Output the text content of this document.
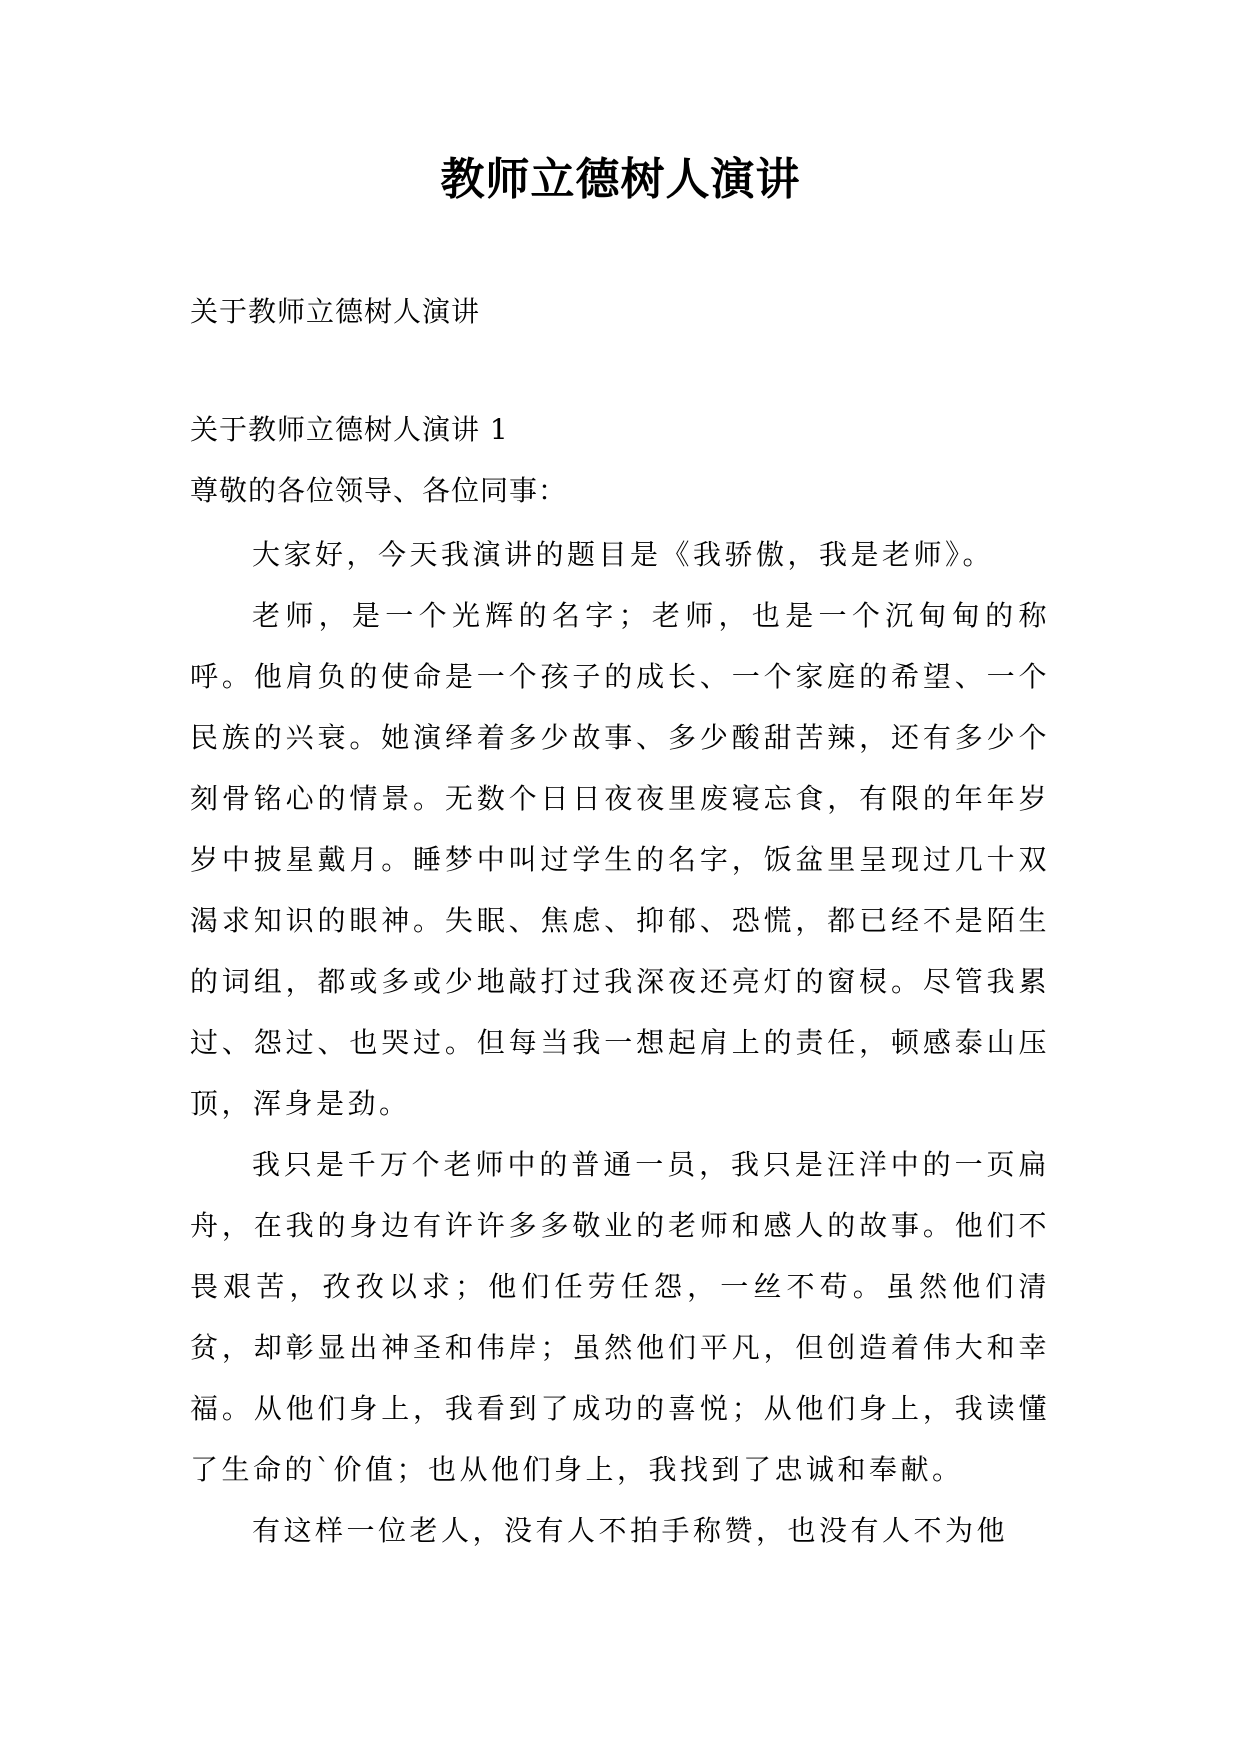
教师立德树人演讲

关于教师立德树人演讲

关于教师立德树人演讲 1

尊敬的各位领导、各位同事：

大家好，今天我演讲的题目是《我骄傲，我是老师》。

老师，是一个光辉的名字；老师，也是一个沉甸甸的称呼。他肩负的使命是一个孩子的成长、一个家庭的希望、一个民族的兴衰。她演绎着多少故事、多少酸甜苦辣，还有多少个刻骨铭心的情景。无数个日日夜夜里废寝忘食，有限的年年岁岁中披星戴月。睡梦中叫过学生的名字，饭盆里呈现过几十双渴求知识的眼神。失眠、焦虑、抑郁、恐慌，都已经不是陌生的词组，都或多或少地敲打过我深夜还亮灯的窗棂。尽管我累过、怨过、也哭过。但每当我一想起肩上的责任，顿感泰山压顶，浑身是劲。

我只是千万个老师中的普通一员，我只是汪洋中的一页扁舟，在我的身边有许许多多敬业的老师和感人的故事。他们不畏艰苦，孜孜以求；他们任劳任怨，一丝不苟。虽然他们清贫，却彰显出神圣和伟岸；虽然他们平凡，但创造着伟大和幸福。从他们身上，我看到了成功的喜悦；从他们身上，我读懂了生命的`价值；也从他们身上，我找到了忠诚和奉献。

有这样一位老人，没有人不拍手称赞，也没有人不为他
